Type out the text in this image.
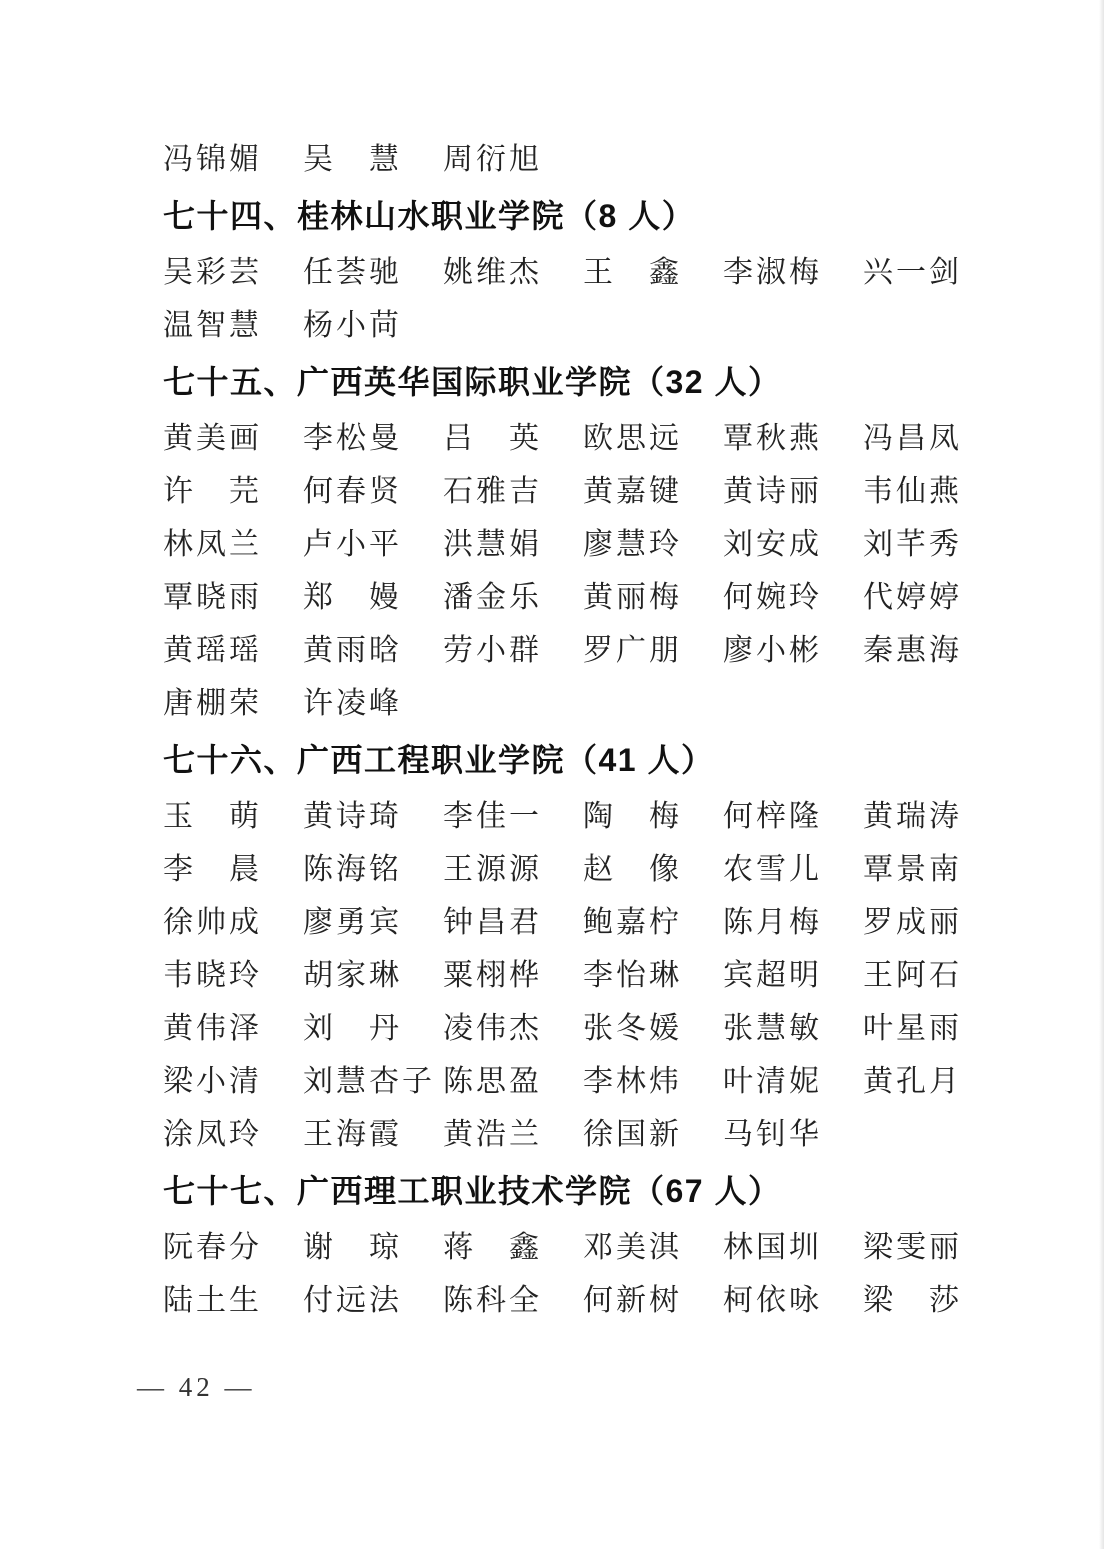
冯锦媚	吴　慧	周衍旭
七十四、桂林山水职业学院（8 人）
吴彩芸	任荟驰	姚维杰	王　鑫	李淑梅	兴一剑
温智慧	杨小苘
七十五、广西英华国际职业学院（32 人）
黄美画	李松曼	吕　英	欧思远	覃秋燕	冯昌凤
许　芫	何春贤	石雅吉	黄嘉键	黄诗丽	韦仙燕
林凤兰	卢小平	洪慧娟	廖慧玲	刘安成	刘芊秀
覃晓雨	郑　嫚	潘金乐	黄丽梅	何婉玲	代婷婷
黄瑶瑶	黄雨晗	劳小群	罗广朋	廖小彬	秦惠海
唐棚荣	许凌峰
七十六、广西工程职业学院（41 人）
玉　萌	黄诗琦	李佳一	陶　梅	何梓隆	黄瑞涛
李　晨	陈海铭	王源源	赵　像	农雪儿	覃景南
徐帅成	廖勇宾	钟昌君	鲍嘉柠	陈月梅	罗成丽
韦晓玲	胡家琳	粟栩桦	李怡琳	宾超明	王阿石
黄伟泽	刘　丹	凌伟杰	张冬媛	张慧敏	叶星雨
梁小清	刘慧杏子 陈思盈	李林炜	叶清妮	黄孔月
涂凤玲	王海霞	黄浩兰	徐国新	马钊华
七十七、广西理工职业技术学院（67 人）
阮春分	谢　琼	蒋　鑫	邓美淇	林国圳	梁雯丽
陆土生	付远法	陈科全	何新树	柯依咏	梁　莎
— 42 —
